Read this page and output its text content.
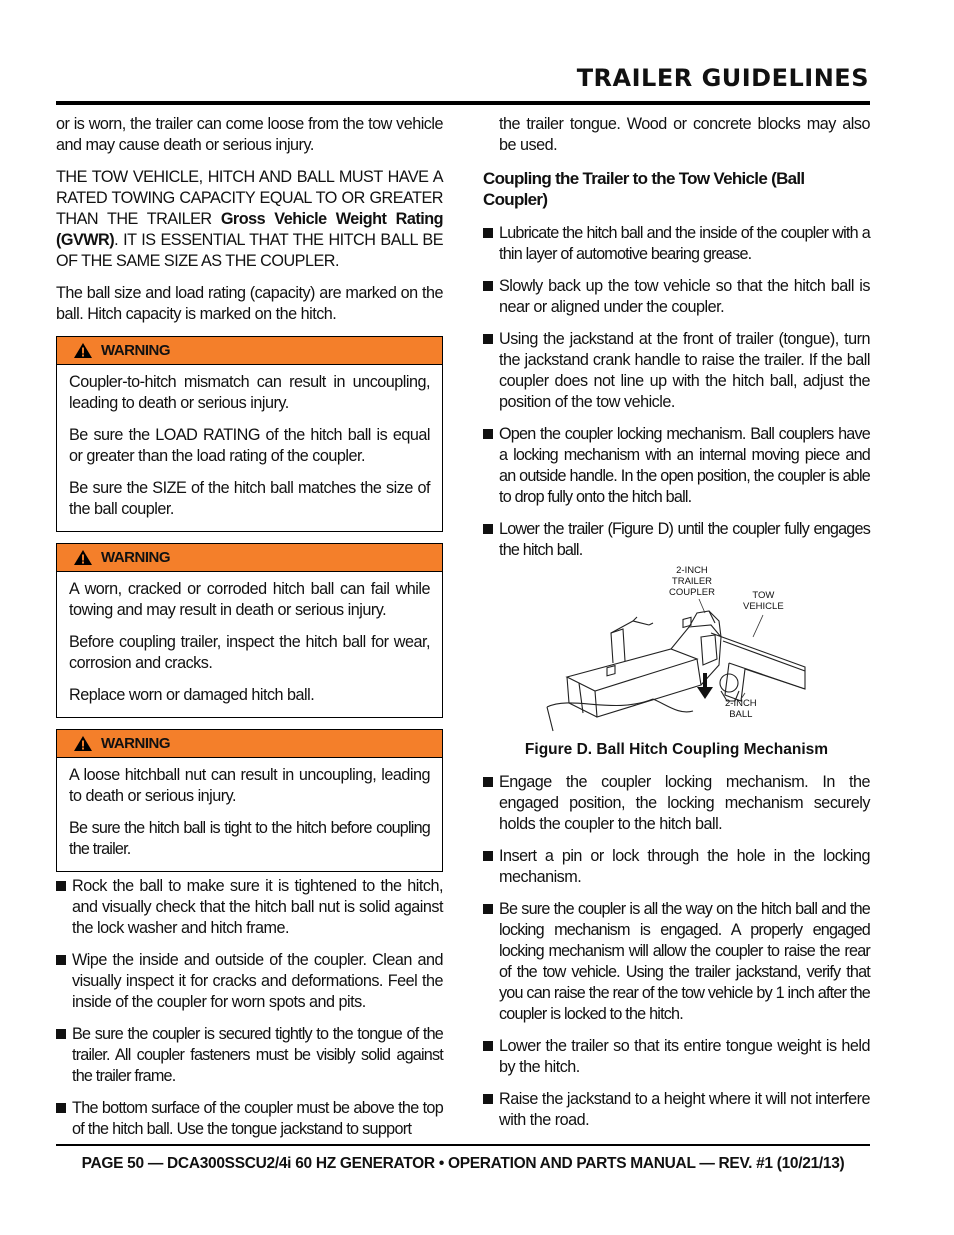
TRAILER GUIDELINES

or is worn, the trailer can come loose from the tow vehicle and may cause death or serious injury.

THE TOW VEHICLE, HITCH AND BALL MUST HAVE A RATED TOWING CAPACITY EQUAL TO OR GREATER THAN THE TRAILER Gross Vehicle Weight Rating (GVWR). IT IS ESSENTIAL THAT THE HITCH BALL BE OF THE SAME SIZE AS THE COUPLER.

The ball size and load rating (capacity) are marked on the ball. Hitch capacity is marked on the hitch.

WARNING

Coupler-to-hitch mismatch can result in uncoupling, leading to death or serious injury.

Be sure the LOAD RATING of the hitch ball is equal or greater than the load rating of the coupler.

Be sure the SIZE of the hitch ball matches the size of the ball coupler.

WARNING

A worn, cracked or corroded hitch ball can fail while towing and may result in death or serious injury.

Before coupling trailer, inspect the hitch ball for wear, corrosion and cracks.

Replace worn or damaged hitch ball.

WARNING

A loose hitchball nut can result in uncoupling, leading to death or serious injury.

Be sure the hitch ball is tight to the hitch before coupling the trailer.

Rock the ball to make sure it is tightened to the hitch, and visually check that the hitch ball nut is solid against the lock washer and hitch frame.
Wipe the inside and outside of the coupler. Clean and visually inspect it for cracks and deformations. Feel the inside of the coupler for worn spots and pits.
Be sure the coupler is secured tightly to the tongue of the trailer. All coupler fasteners must be visibly solid against the trailer frame.
The bottom surface of the coupler must be above the top of the hitch ball. Use the tongue jackstand to support

the trailer tongue. Wood or concrete blocks may also be used.

Coupling the Trailer to the Tow Vehicle (Ball Coupler)
Lubricate the hitch ball and the inside of the coupler with a thin layer of automotive bearing grease.
Slowly back up the tow vehicle so that the hitch ball is near or aligned under the coupler.
Using the jackstand at the front of trailer (tongue), turn the jackstand crank handle to raise the trailer. If the ball coupler does not line up with the hitch ball, adjust the position of the tow vehicle.
Open the coupler locking mechanism. Ball couplers have a locking mechanism with an internal moving piece and an outside handle. In the open position, the coupler is able to drop fully onto the hitch ball.
Lower the trailer (Figure D) until the coupler fully engages the hitch ball.
2-INCH
TRAILER
COUPLER	TOW
VEHICLE
2-INCH
BALL
Figure D. Ball Hitch Coupling Mechanism
Engage the coupler locking mechanism. In the engaged position, the locking mechanism securely holds the coupler to the hitch ball.
Insert a pin or lock through the hole in the locking mechanism.
Be sure the coupler is all the way on the hitch ball and the locking mechanism is engaged. A properly engaged locking mechanism will allow the coupler to raise the rear of the tow vehicle. Using the trailer jackstand, verify that you can raise the rear of the tow vehicle by 1 inch after the coupler is locked to the hitch.
Lower the trailer so that its entire tongue weight is held by the hitch.
Raise the jackstand to a height where it will not interfere with the road.
PAGE 50 — DCA300SSCU2/4i 60 HZ GENERATOR • OPERATION AND PARTS MANUAL — REV. #1 (10/21/13)
